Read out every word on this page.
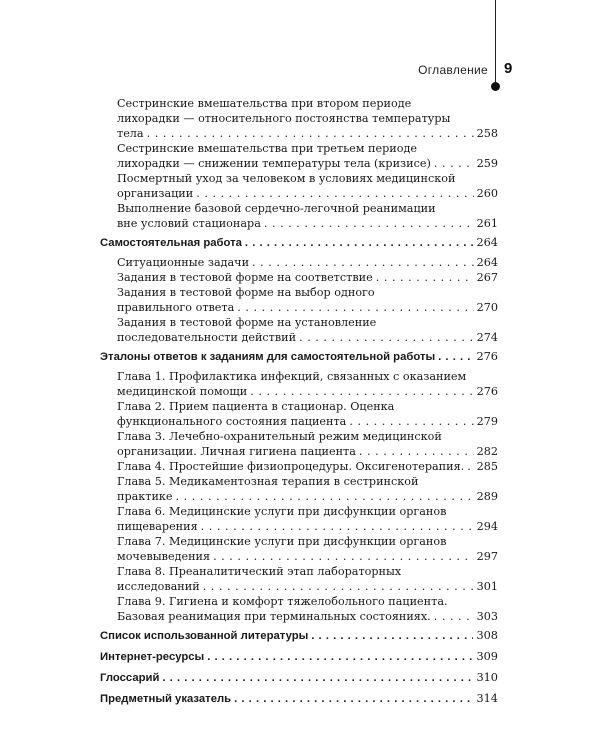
Оглавление 9
Сестринские вмешательства при втором периоде
лихорадки — относительного постоянства температуры
тела . . .	258
Сестринские вмешательства при третьем периоде
лихорадки — снижении температуры тела (кризисе) . . .	259
Посмертный уход за человеком в условиях медицинской
организации . . .	260
Выполнение базовой сердечно-легочной реанимации
вне условий стационара . . .	261
Самостоятельная работа . . .	264
Ситуационные задачи . . .	264
Задания в тестовой форме на соответствие . . .	267
Задания в тестовой форме на выбор одного
правильного ответа . . .	270
Задания в тестовой форме на установление
последовательности действий . . .	274
Эталоны ответов к заданиям для самостоятельной работы . . .	276
Глава 1. Профилактика инфекций, связанных с оказанием
медицинской помощи . . .	276
Глава 2. Прием пациента в стационар. Оценка
функционального состояния пациента . . .	279
Глава 3. Лечебно-охранительный режим медицинской
организации. Личная гигиена пациента . . .	282
Глава 4. Простейшие физиопроцедуры. Оксигенотерапия. . . . 285
Глава 5. Медикаментозная терапия в сестринской
практике . . .	289
Глава 6. Медицинские услуги при дисфункции органов
пищеварения . . .	294
Глава 7. Медицинские услуги при дисфункции органов
мочевыведения . . .	297
Глава 8. Преаналитический этап лабораторных
исследований . . .	301
Глава 9. Гигиена и комфорт тяжелобольного пациента.
Базовая реанимация при терминальных состояниях. . . .	303
Список использованной литературы . . .	308
Интернет-ресурсы . . .	309
Глоссарий . . .	310
Предметный указатель . . .	314
